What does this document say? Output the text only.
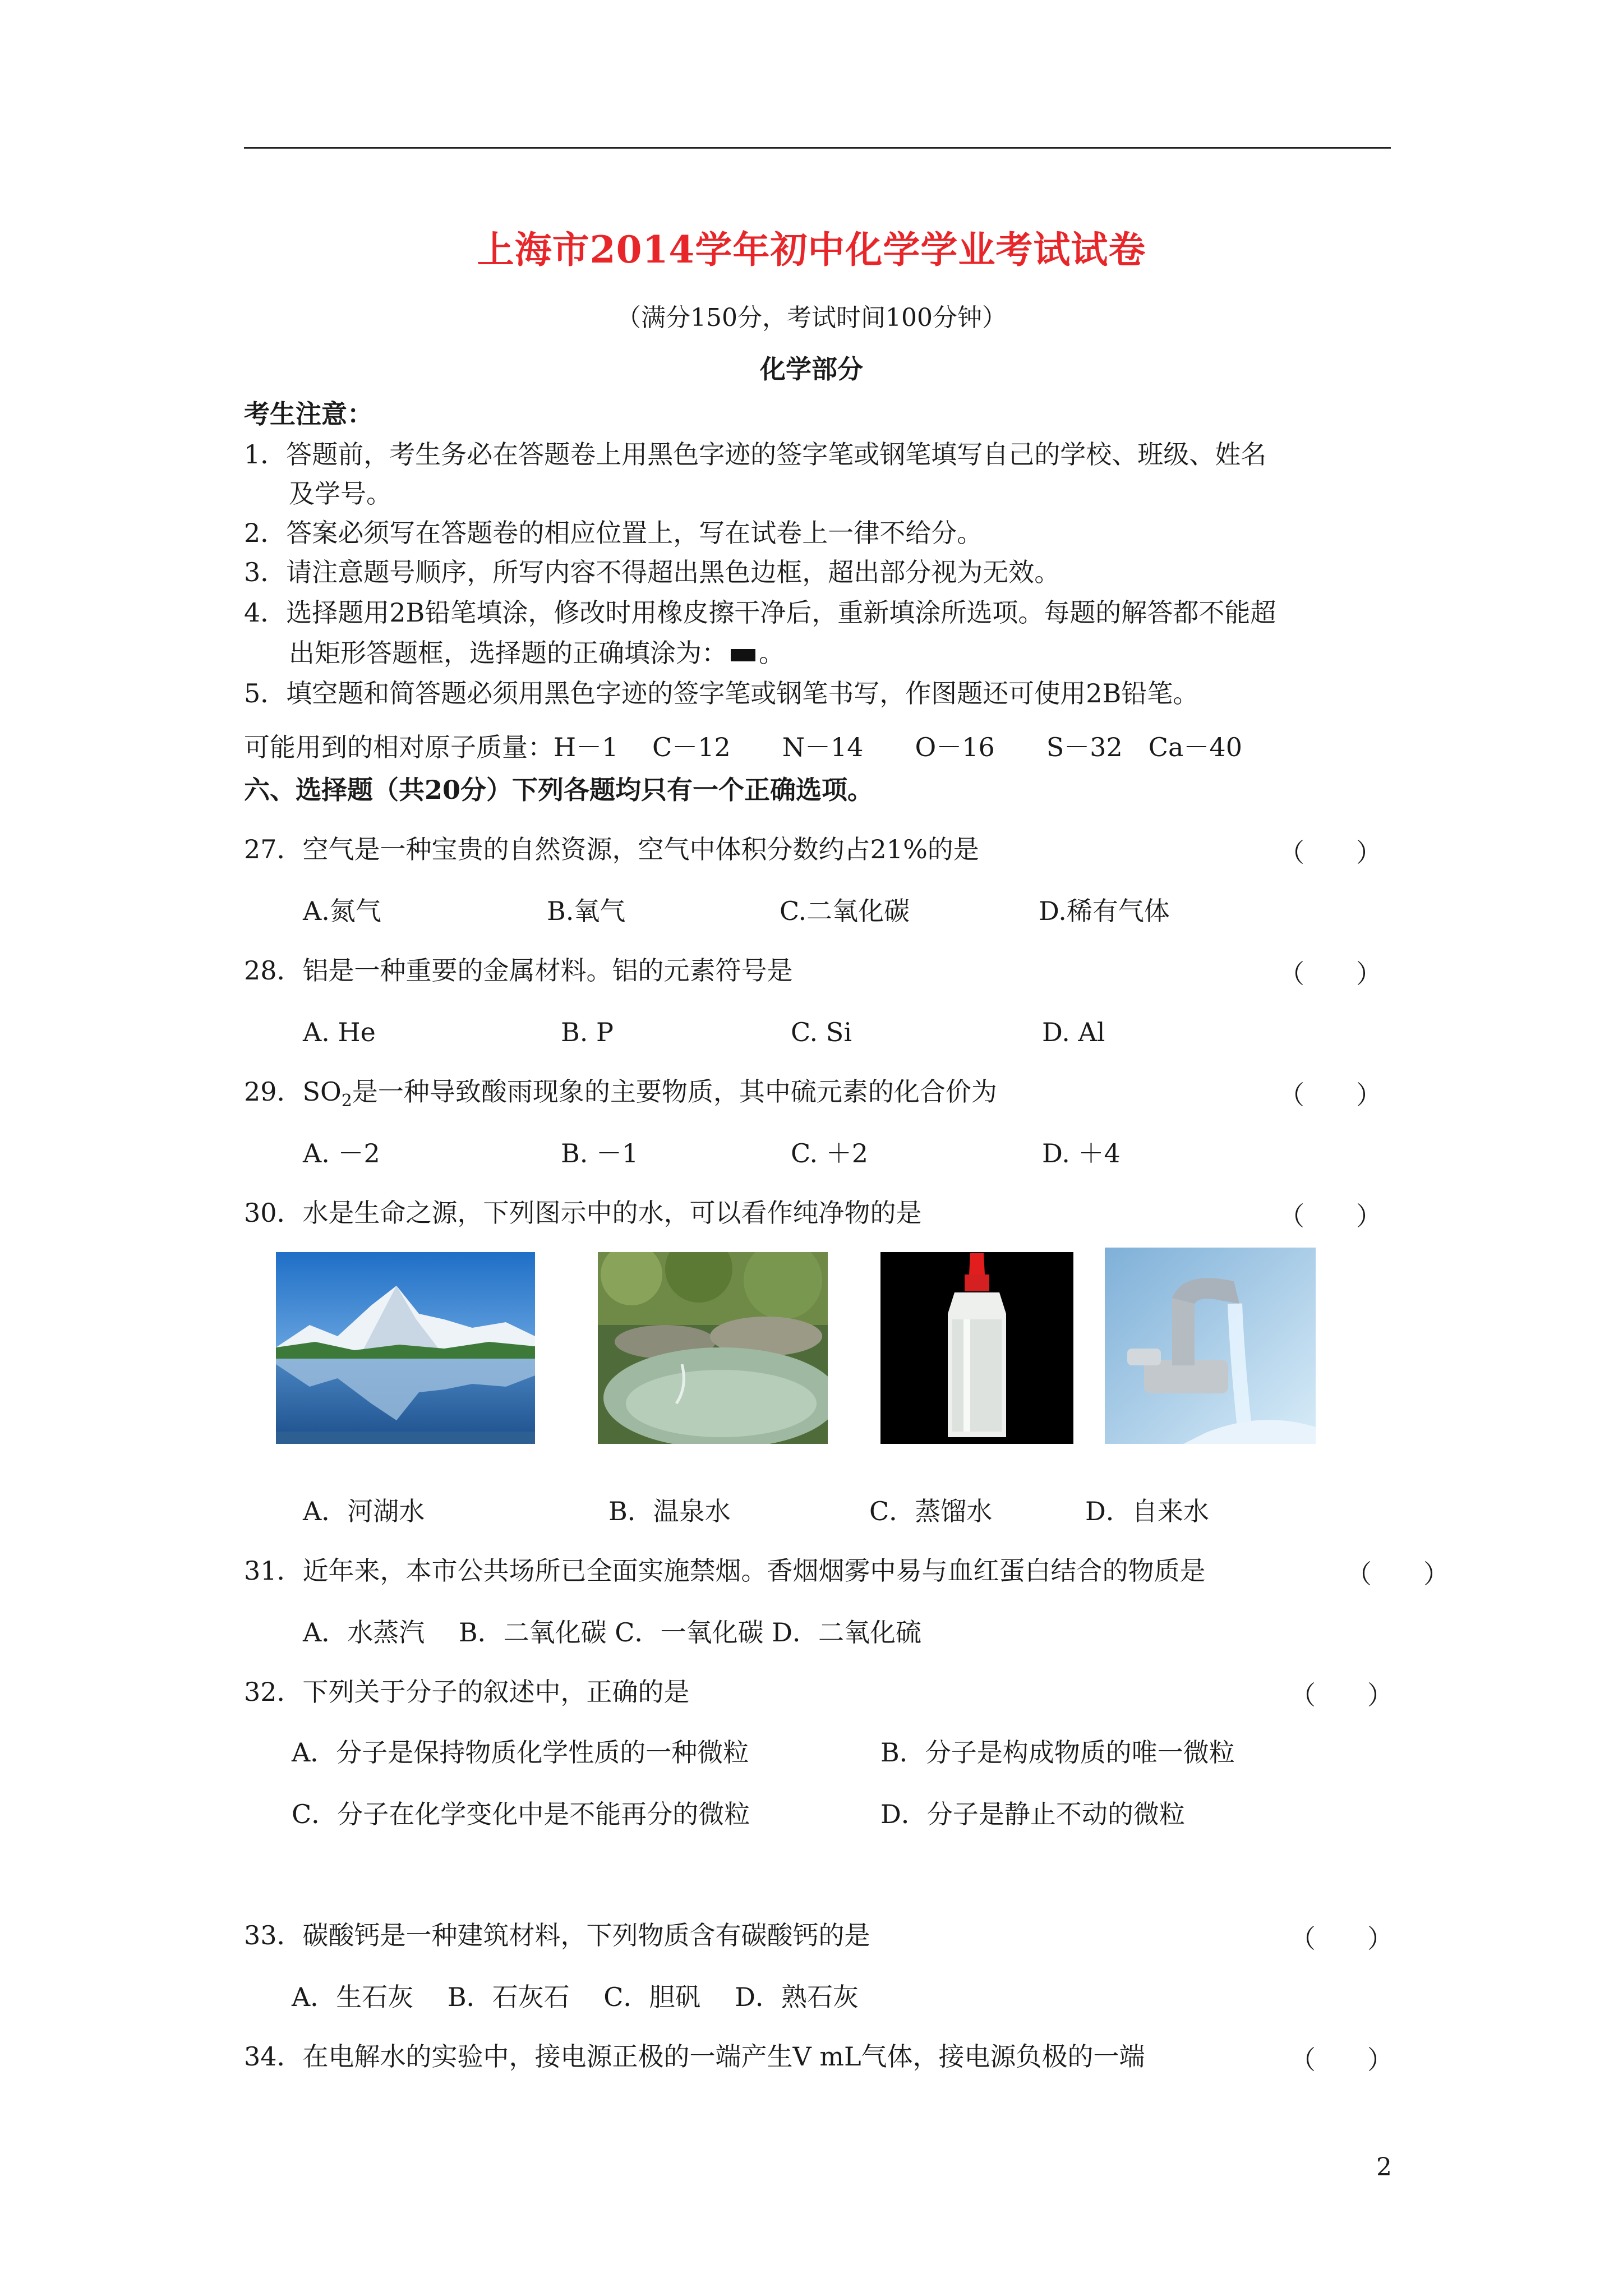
上海市2014学年初中化学学业考试试卷
（满分150分，考试时间100分钟）
化学部分
考生注意：
1．答题前，考生务必在答题卷上用黑色字迹的签字笔或钢笔填写自己的学校、班级、姓名
及学号。
2．答案必须写在答题卷的相应位置上，写在试卷上一律不给分。
3．请注意题号顺序，所写内容不得超出黑色边框，超出部分视为无效。
4．选择题用2B铅笔填涂，修改时用橡皮擦干净后，重新填涂所选项。每题的解答都不能超
出矩形答题框，选择题的正确填涂为： 。
5．填空题和简答题必须用黑色字迹的签字笔或钢笔书写，作图题还可使用2B铅笔。
可能用到的相对原子质量：H－1　 C－12　　N－14　　O－16　　S－32　Ca－40
六、选择题（共20分）下列各题均只有一个正确选项。
27．空气是一种宝贵的自然资源，空气中体积分数约占21%的是	（　　）
A.氮气	B.氧气	C.二氧化碳	D.稀有气体
28．铝是一种重要的金属材料。铝的元素符号是	（　　）
A. He	B. P	C. Si	D. Al
29．$SO_2$是一种导致酸雨现象的主要物质，其中硫元素的化合价为	（　　）
A. －2	B. －1	C. ＋2	D. ＋4
30．水是生命之源，下列图示中的水，可以看作纯净物的是	（　　）
A．河湖水	B．温泉水	C．蒸馏水	D．自来水
31．近年来，本市公共场所已全面实施禁烟。香烟烟雾中易与血红蛋白结合的物质是	（　　）
A．水蒸汽　 B．二氧化碳 C．一氧化碳 D．二氧化硫
32．下列关于分子的叙述中，正确的是	（　　）
A．分子是保持物质化学性质的一种微粒	B．分子是构成物质的唯一微粒
C．分子在化学变化中是不能再分的微粒	D．分子是静止不动的微粒
33．碳酸钙是一种建筑材料，下列物质含有碳酸钙的是	（　　）
A．生石灰　 B．石灰石　 C．胆矾　 D．熟石灰
34．在电解水的实验中，接电源正极的一端产生V mL气体，接电源负极的一端	（　　）
2
